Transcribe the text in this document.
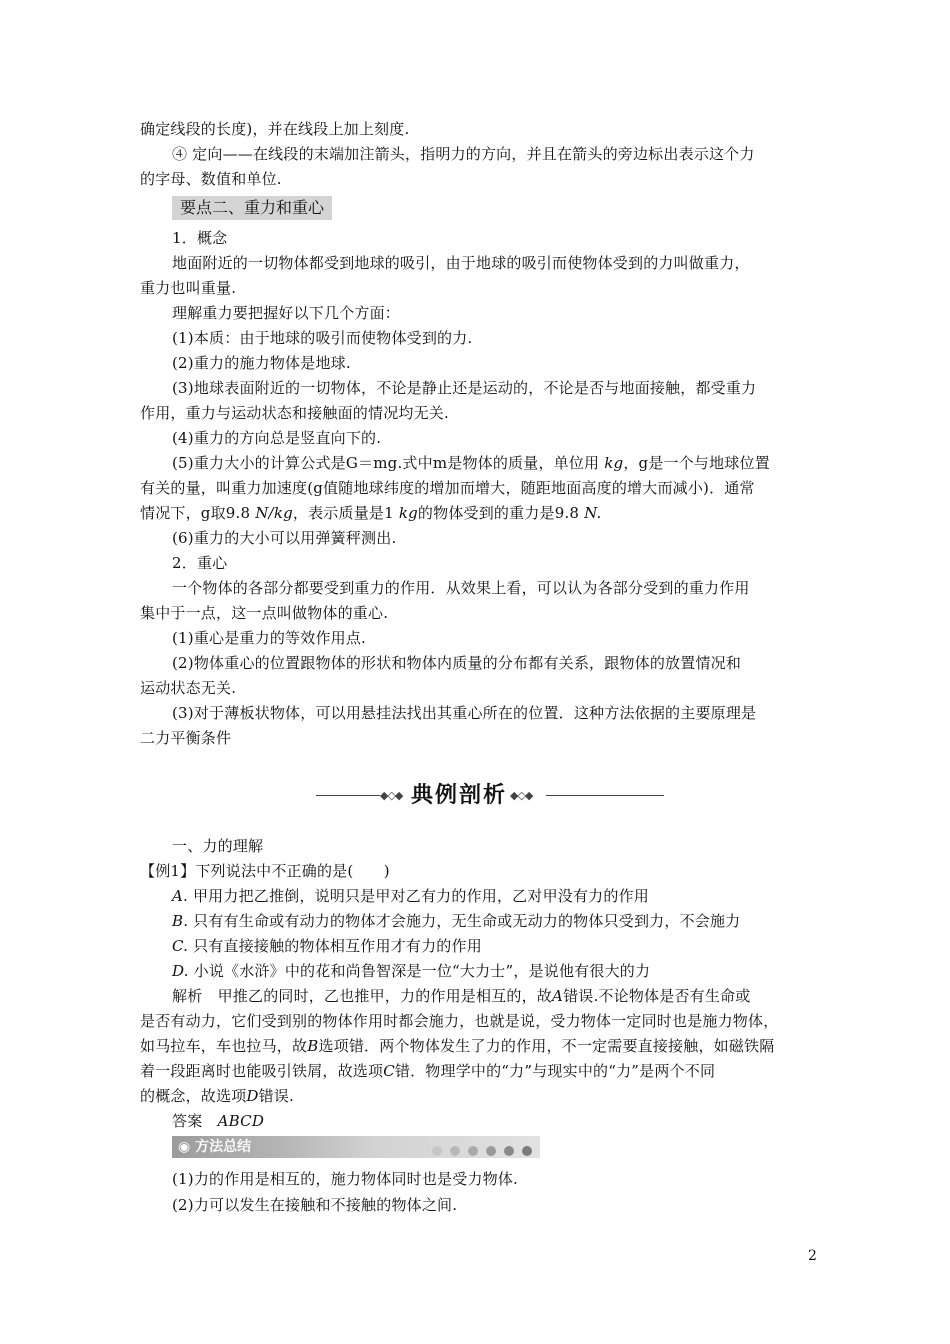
确定线段的长度)，并在线段上加上刻度.
④ 定向——在线段的末端加注箭头，指明力的方向，并且在箭头的旁边标出表示这个力
的字母、数值和单位.
要点二、重力和重心
1．概念
地面附近的一切物体都受到地球的吸引，由于地球的吸引而使物体受到的力叫做重力，
重力也叫重量.
理解重力要把握好以下几个方面：
(1)本质：由于地球的吸引而使物体受到的力.
(2)重力的施力物体是地球.
(3)地球表面附近的一切物体，不论是静止还是运动的，不论是否与地面接触，都受重力
作用，重力与运动状态和接触面的情况均无关.
(4)重力的方向总是竖直向下的.
(5)重力大小的计算公式是G＝mg.式中m是物体的质量，单位用 kg，g是一个与地球位置
有关的量，叫重力加速度(g值随地球纬度的增加而增大，随距地面高度的增大而减小)．通常
情况下，g取9.8 N/kg，表示质量是1 kg的物体受到的重力是9.8 N.
(6)重力的大小可以用弹簧秤测出.
2．重心
一个物体的各部分都要受到重力的作用．从效果上看，可以认为各部分受到的重力作用
集中于一点，这一点叫做物体的重心.
(1)重心是重力的等效作用点.
(2)物体重心的位置跟物体的形状和物体内质量的分布都有关系，跟物体的放置情况和
运动状态无关.
(3)对于薄板状物体，可以用悬挂法找出其重心所在的位置．这种方法依据的主要原理是
二力平衡条件
◆◇◆ 典例剖析 ◆◇◆
一、力的理解
【例1】下列说法中不正确的是(　　)
A. 甲用力把乙推倒，说明只是甲对乙有力的作用，乙对甲没有力的作用
B. 只有有生命或有动力的物体才会施力，无生命或无动力的物体只受到力，不会施力
C. 只有直接接触的物体相互作用才有力的作用
D. 小说《水浒》中的花和尚鲁智深是一位“大力士”，是说他有很大的力
解析　甲推乙的同时，乙也推甲，力的作用是相互的，故A错误.不论物体是否有生命或
是否有动力，它们受到别的物体作用时都会施力，也就是说，受力物体一定同时也是施力物体，
如马拉车，车也拉马，故B选项错．两个物体发生了力的作用，不一定需要直接接触，如磁铁隔
着一段距离时也能吸引铁屑，故选项C错．物理学中的“力”与现实中的“力”是两个不同
的概念，故选项D错误.
答案　ABCD
◉ 方法总结
(1)力的作用是相互的，施力物体同时也是受力物体.
(2)力可以发生在接触和不接触的物体之间.
2
